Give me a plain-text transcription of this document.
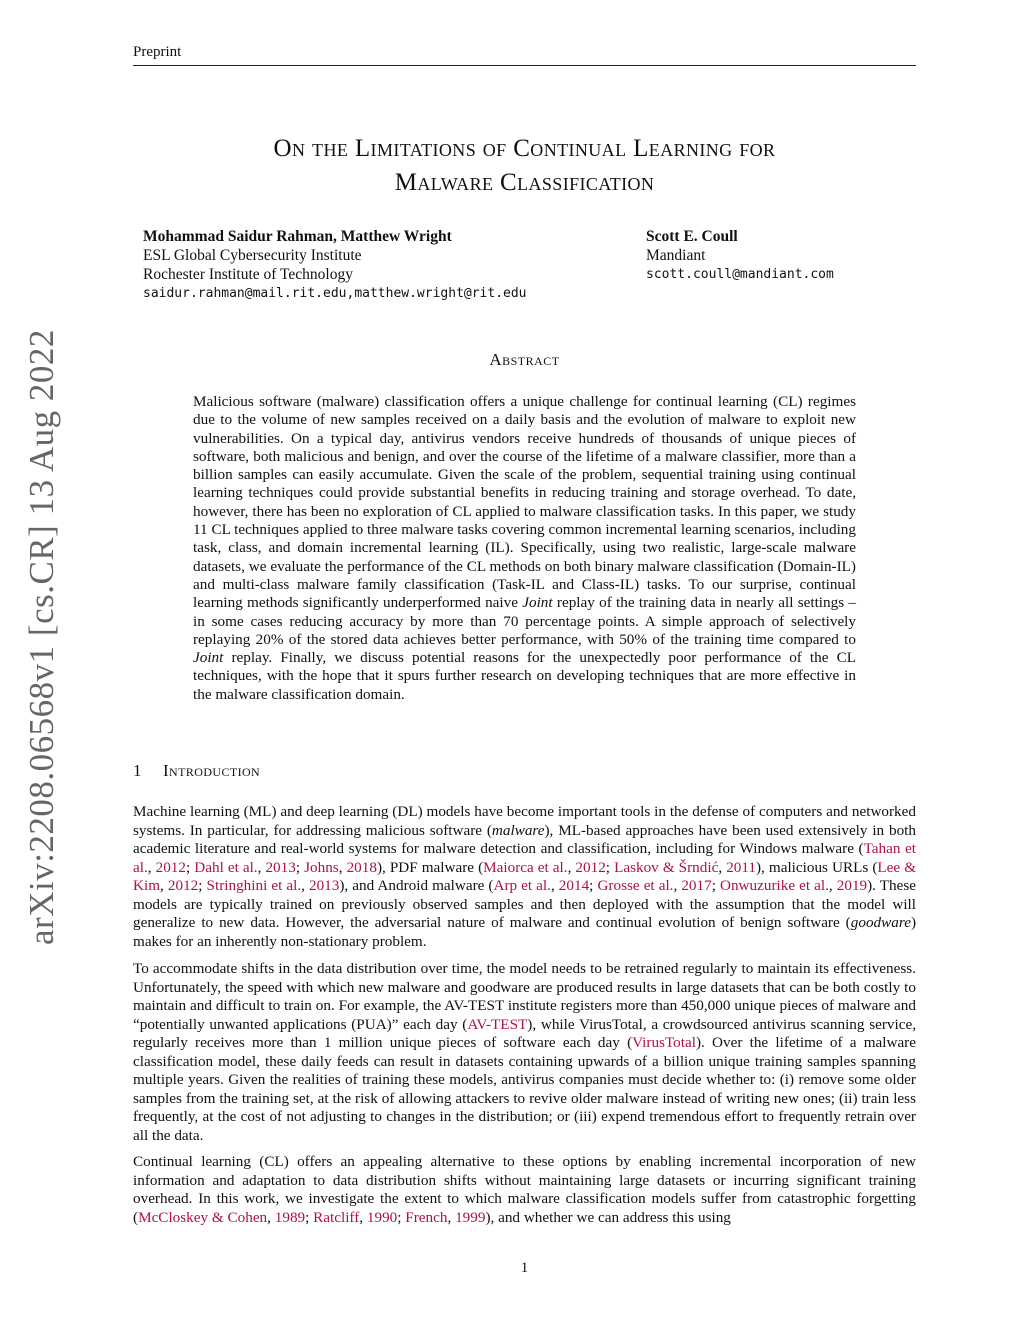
Preprint
arXiv:2208.06568v1 [cs.CR] 13 Aug 2022
On the Limitations of Continual Learning for
Malware Classification
Mohammad Saidur Rahman, Matthew Wright
ESL Global Cybersecurity Institute
Rochester Institute of Technology
saidur.rahman@mail.rit.edu,matthew.wright@rit.edu
Scott E. Coull
Mandiant
scott.coull@mandiant.com
Abstract

Malicious software (malware) classification offers a unique challenge for continual learning (CL) regimes due to the volume of new samples received on a daily basis and the evolution of malware to exploit new vulnerabilities. On a typical day, antivirus vendors receive hundreds of thousands of unique pieces of software, both malicious and benign, and over the course of the lifetime of a malware classifier, more than a billion samples can easily accumulate. Given the scale of the problem, sequential training using continual learning techniques could provide substantial benefits in reducing training and storage overhead. To date, however, there has been no exploration of CL applied to malware classification tasks. In this paper, we study 11 CL techniques applied to three malware tasks covering common incremental learning scenarios, including task, class, and domain incremental learning (IL). Specifically, using two realistic, large-scale malware datasets, we evaluate the performance of the CL methods on both binary malware classification (Domain-IL) and multi-class malware family classification (Task-IL and Class-IL) tasks. To our surprise, continual learning methods significantly underperformed naive Joint replay of the training data in nearly all settings – in some cases reducing accuracy by more than 70 percentage points. A simple approach of selectively replaying 20% of the stored data achieves better performance, with 50% of the training time compared to Joint replay. Finally, we discuss potential reasons for the unexpectedly poor performance of the CL techniques, with the hope that it spurs further research on developing techniques that are more effective in the malware classification domain.

1 Introduction

Machine learning (ML) and deep learning (DL) models have become important tools in the defense of computers and networked systems. In particular, for addressing malicious software (malware), ML-based approaches have been used extensively in both academic literature and real-world systems for malware detection and classification, including for Windows malware (Tahan et al., 2012; Dahl et al., 2013; Johns, 2018), PDF malware (Maiorca et al., 2012; Laskov & Šrndić, 2011), malicious URLs (Lee & Kim, 2012; Stringhini et al., 2013), and Android malware (Arp et al., 2014; Grosse et al., 2017; Onwuzurike et al., 2019). These models are typically trained on previously observed samples and then deployed with the assumption that the model will generalize to new data. However, the adversarial nature of malware and continual evolution of benign software (goodware) makes for an inherently non-stationary problem.

To accommodate shifts in the data distribution over time, the model needs to be retrained regularly to maintain its effectiveness. Unfortunately, the speed with which new malware and goodware are produced results in large datasets that can be both costly to maintain and difficult to train on. For example, the AV-TEST institute registers more than 450,000 unique pieces of malware and “potentially unwanted applications (PUA)” each day (AV-TEST), while VirusTotal, a crowdsourced antivirus scanning service, regularly receives more than 1 million unique pieces of software each day (VirusTotal). Over the lifetime of a malware classification model, these daily feeds can result in datasets containing upwards of a billion unique training samples spanning multiple years. Given the realities of training these models, antivirus companies must decide whether to: (i) remove some older samples from the training set, at the risk of allowing attackers to revive older malware instead of writing new ones; (ii) train less frequently, at the cost of not adjusting to changes in the distribution; or (iii) expend tremendous effort to frequently retrain over all the data.

Continual learning (CL) offers an appealing alternative to these options by enabling incremental incorporation of new information and adaptation to data distribution shifts without maintaining large datasets or incurring significant training overhead. In this work, we investigate the extent to which malware classification models suffer from catastrophic forgetting (McCloskey & Cohen, 1989; Ratcliff, 1990; French, 1999), and whether we can address this using

1
